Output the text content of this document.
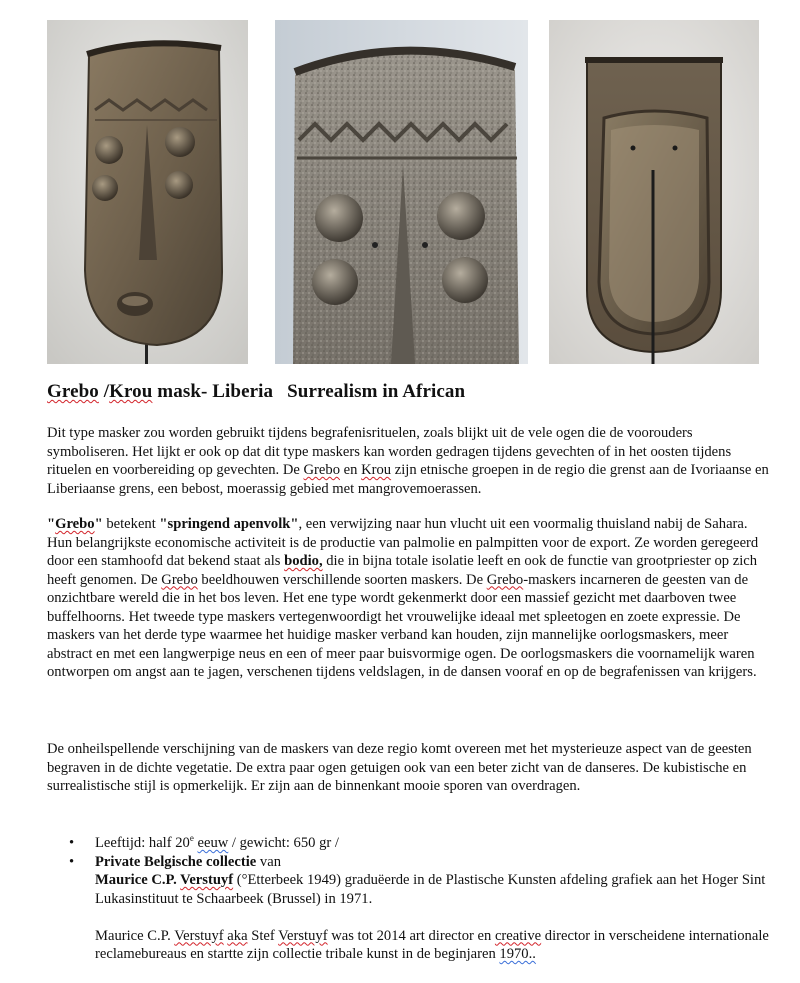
Grebo /Krou mask- Liberia Surrealism in African

Dit type masker zou worden gebruikt tijdens begrafenisrituelen, zoals blijkt uit de vele ogen die de voorouders symboliseren. Het lijkt er ook op dat dit type maskers kan worden gedragen tijdens gevechten of in het oosten tijdens rituelen en voorbereiding op gevechten. De Grebo en Krou zijn etnische groepen in de regio die grenst aan de Ivoriaanse en Liberiaanse grens, een bebost, moerassig gebied met mangrovemoerassen.

"Grebo" betekent "springend apenvolk", een verwijzing naar hun vlucht uit een voormalig thuisland nabij de Sahara. Hun belangrijkste economische activiteit is de productie van palmolie en palmpitten voor de export. Ze worden geregeerd door een stamhoofd dat bekend staat als bodio, die in bijna totale isolatie leeft en ook de functie van grootpriester op zich heeft genomen. De Grebo beeldhouwen verschillende soorten maskers. De Grebo-maskers incarneren de geesten van de onzichtbare wereld die in het bos leven. Het ene type wordt gekenmerkt door een massief gezicht met daarboven twee buffelhoorns. Het tweede type maskers vertegenwoordigt het vrouwelijke ideaal met spleetogen en zoete expressie. De maskers van het derde type waarmee het huidige masker verband kan houden, zijn mannelijke oorlogsmaskers, meer abstract en met een langwerpige neus en een of meer paar buisvormige ogen. De oorlogsmaskers die voornamelijk waren ontworpen om angst aan te jagen, verschenen tijdens veldslagen, in de dansen vooraf en op de begrafenissen van krijgers.

De onheilspellende verschijning van de maskers van deze regio komt overeen met het mysterieuze aspect van de geesten begraven in de dichte vegetatie. De extra paar ogen getuigen ook van een beter zicht van de danseres. De kubistische en surrealistische stijl is opmerkelijk. Er zijn aan de binnenkant mooie sporen van overdragen.

• Leeftijd: half 20e eeuw / gewicht: 650 gr /
• Private Belgische collectie van
Maurice C.P. Verstuyf (°Etterbeek 1949) graduëerde in de Plastische Kunsten afdeling grafiek aan het Hoger Sint Lukasinstituut te Schaarbeek (Brussel) in 1971.
Maurice C.P. Verstuyf aka Stef Verstuyf was tot 2014 art director en creative director in verscheidene internationale reclamebureaus en startte zijn collectie tribale kunst in de beginjaren 1970..
